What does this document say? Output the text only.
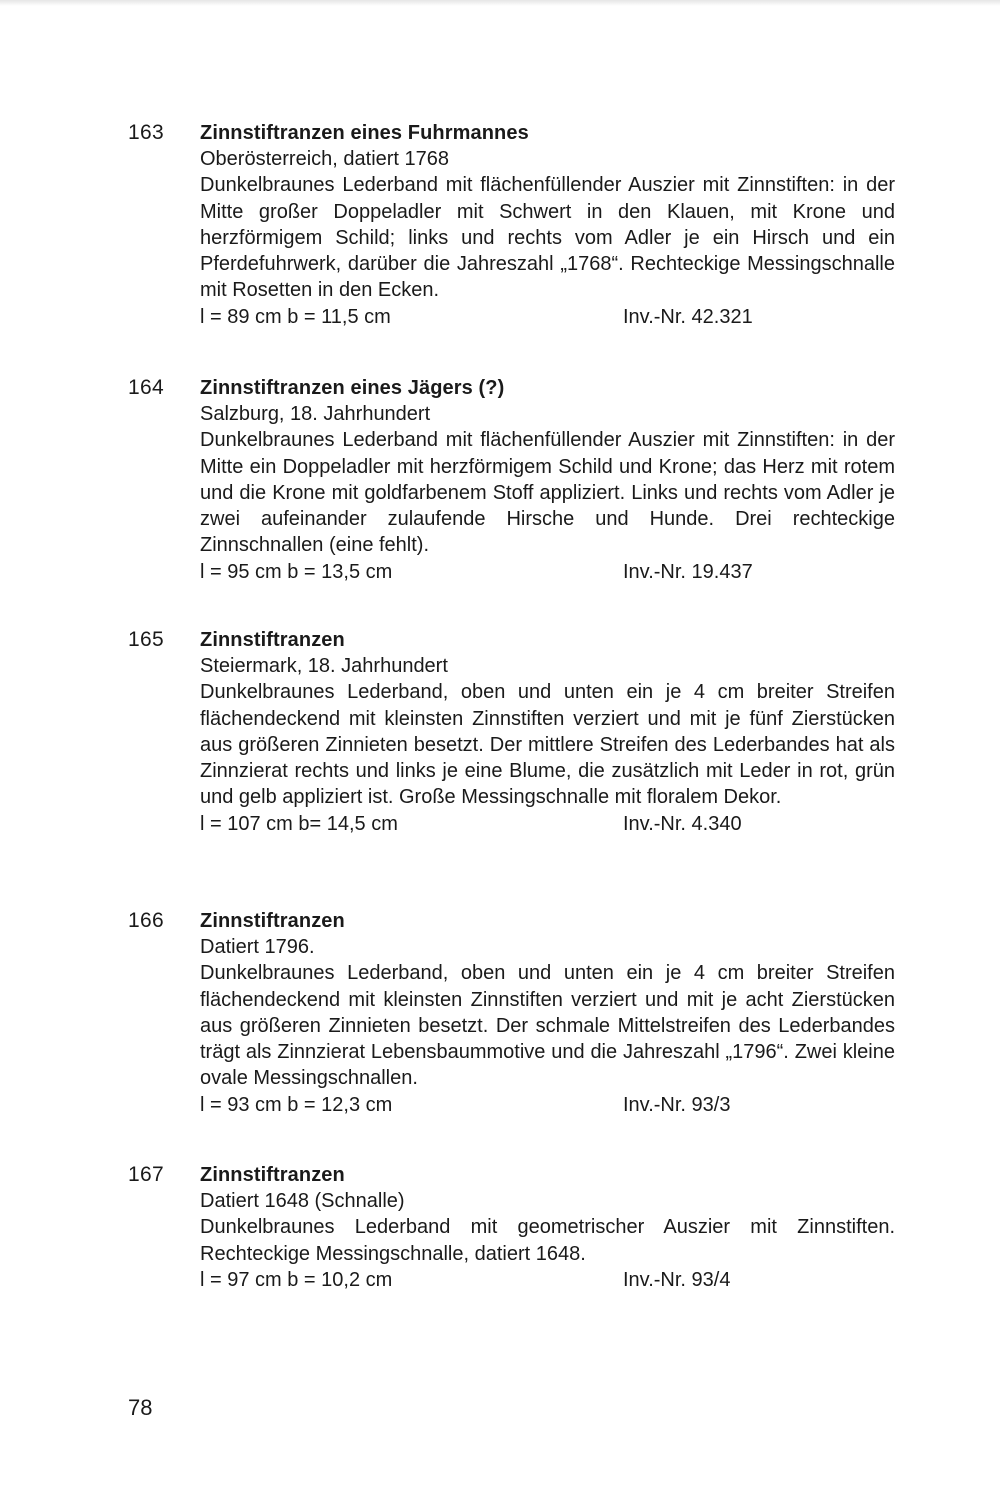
163 Zinnstiftranzen eines Fuhrmannes

Oberösterreich, datiert 1768

Dunkelbraunes Lederband mit flächenfüllender Auszier mit Zinnstiften: in der Mitte großer Doppeladler mit Schwert in den Klauen, mit Krone und herzförmigem Schild; links und rechts vom Adler je ein Hirsch und ein Pferdefuhrwerk, darüber die Jahreszahl „1768“. Rechteckige Messingschnalle mit Rosetten in den Ecken.

l = 89 cm b = 11,5 cm	Inv.-Nr. 42.321
164 Zinnstiftranzen eines Jägers (?)

Salzburg, 18. Jahrhundert

Dunkelbraunes Lederband mit flächenfüllender Auszier mit Zinnstiften: in der Mitte ein Doppeladler mit herzförmigem Schild und Krone; das Herz mit rotem und die Krone mit goldfarbenem Stoff appliziert. Links und rechts vom Adler je zwei aufeinander zulaufende Hirsche und Hunde. Drei rechteckige Zinnschnallen (eine fehlt).

l = 95 cm b = 13,5 cm	Inv.-Nr. 19.437
165 Zinnstiftranzen

Steiermark, 18. Jahrhundert

Dunkelbraunes Lederband, oben und unten ein je 4 cm breiter Streifen flächendeckend mit kleinsten Zinnstiften verziert und mit je fünf Zierstücken aus größeren Zinnieten besetzt. Der mittlere Streifen des Lederbandes hat als Zinnzierat rechts und links je eine Blume, die zusätzlich mit Leder in rot, grün und gelb appliziert ist. Große Messingschnalle mit floralem Dekor.

l = 107 cm b= 14,5 cm	Inv.-Nr. 4.340
166 Zinnstiftranzen

Datiert 1796.

Dunkelbraunes Lederband, oben und unten ein je 4 cm breiter Streifen flächendeckend mit kleinsten Zinnstiften verziert und mit je acht Zierstücken aus größeren Zinnieten besetzt. Der schmale Mittelstreifen des Lederbandes trägt als Zinnzierat Lebensbaummotive und die Jahreszahl „1796“. Zwei kleine ovale Messingschnallen.

l = 93 cm b = 12,3 cm	Inv.-Nr. 93/3
167 Zinnstiftranzen

Datiert 1648 (Schnalle)

Dunkelbraunes Lederband mit geometrischer Auszier mit Zinnstiften. Rechteckige Messingschnalle, datiert 1648.

l = 97 cm b = 10,2 cm	Inv.-Nr. 93/4
78
